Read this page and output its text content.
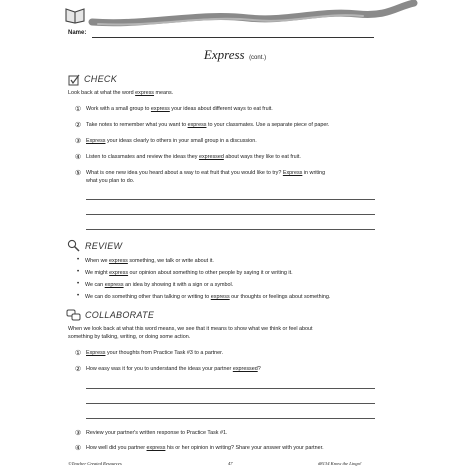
Name:
Express (cont.)
CHECK
Look back at what the word express means.
① Work with a small group to express your ideas about different ways to eat fruit.
② Take notes to remember what you want to express to your classmates. Use a separate piece of paper.
③ Express your ideas clearly to others in your small group in a discussion.
④ Listen to classmates and review the ideas they expressed about ways they like to eat fruit.
⑤ What is one new idea you heard about a way to eat fruit that you would like to try? Express in writing
what you plan to do.
REVIEW
• When we express something, we talk or write about it.
• We might express our opinion about something to other people by saying it or writing it.
• We can express an idea by showing it with a sign or a symbol.
• We can do something other than talking or writing to express our thoughts or feelings about something.
COLLABORATE
When we look back at what this word means, we see that it means to show what we think or feel about
something by talking, writing, or doing some action.
① Express your thoughts from Practice Task #3 to a partner.
② How easy was it for you to understand the ideas your partner expressed?
③ Review your partner's written response to Practice Task #1.
④ How well did you partner express his or her opinion in writing? Share your answer with your partner.
©Teacher Created Resources	47	#8134 Know the Lingo!
